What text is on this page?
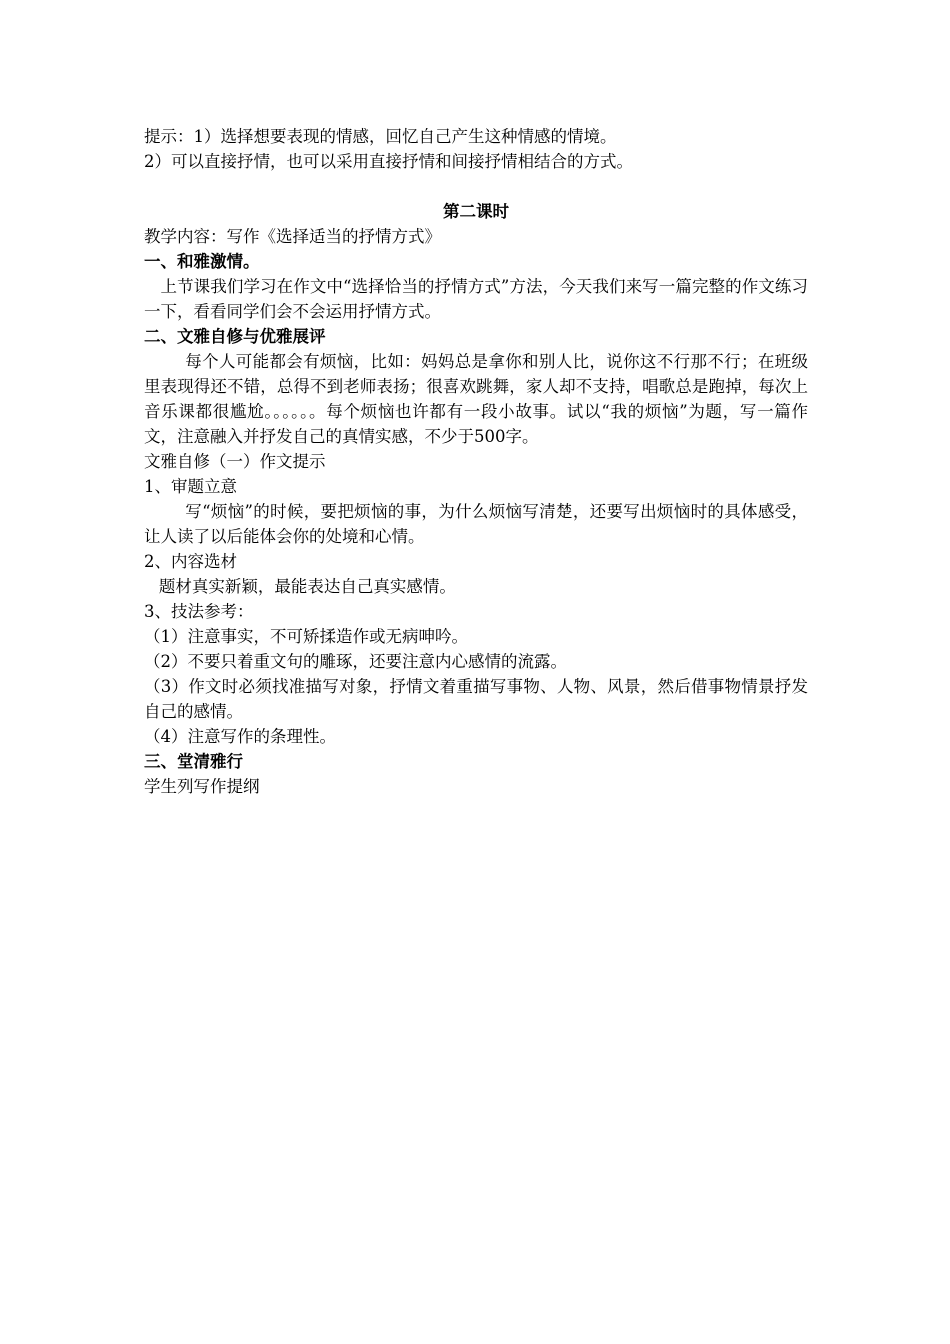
提示：1）选择想要表现的情感，回忆自己产生这种情感的情境。

2）可以直接抒情，也可以采用直接抒情和间接抒情相结合的方式。

第二课时

教学内容：写作《选择适当的抒情方式》

一、和雅激情。

上节课我们学习在作文中“选择恰当的抒情方式”方法，今天我们来写一篇完整的作文练习一下，看看同学们会不会运用抒情方式。

二、文雅自修与优雅展评

每个人可能都会有烦恼，比如：妈妈总是拿你和别人比，说你这不行那不行；在班级里表现得还不错，总得不到老师表扬；很喜欢跳舞，家人却不支持，唱歌总是跑掉，每次上音乐课都很尴尬。。。。。。每个烦恼也许都有一段小故事。试以“我的烦恼”为题，写一篇作文，注意融入并抒发自己的真情实感，不少于500字。

文雅自修（一）作文提示

1、审题立意

写“烦恼”的时候，要把烦恼的事，为什么烦恼写清楚，还要写出烦恼时的具体感受，让人读了以后能体会你的处境和心情。

2、内容选材

题材真实新颖，最能表达自己真实感情。

3、技法参考：

（1）注意事实，不可矫揉造作或无病呻吟。

（2）不要只着重文句的雕琢，还要注意内心感情的流露。

（3）作文时必须找准描写对象，抒情文着重描写事物、人物、风景，然后借事物情景抒发自己的感情。

（4）注意写作的条理性。

三、堂清雅行

学生列写作提纲
